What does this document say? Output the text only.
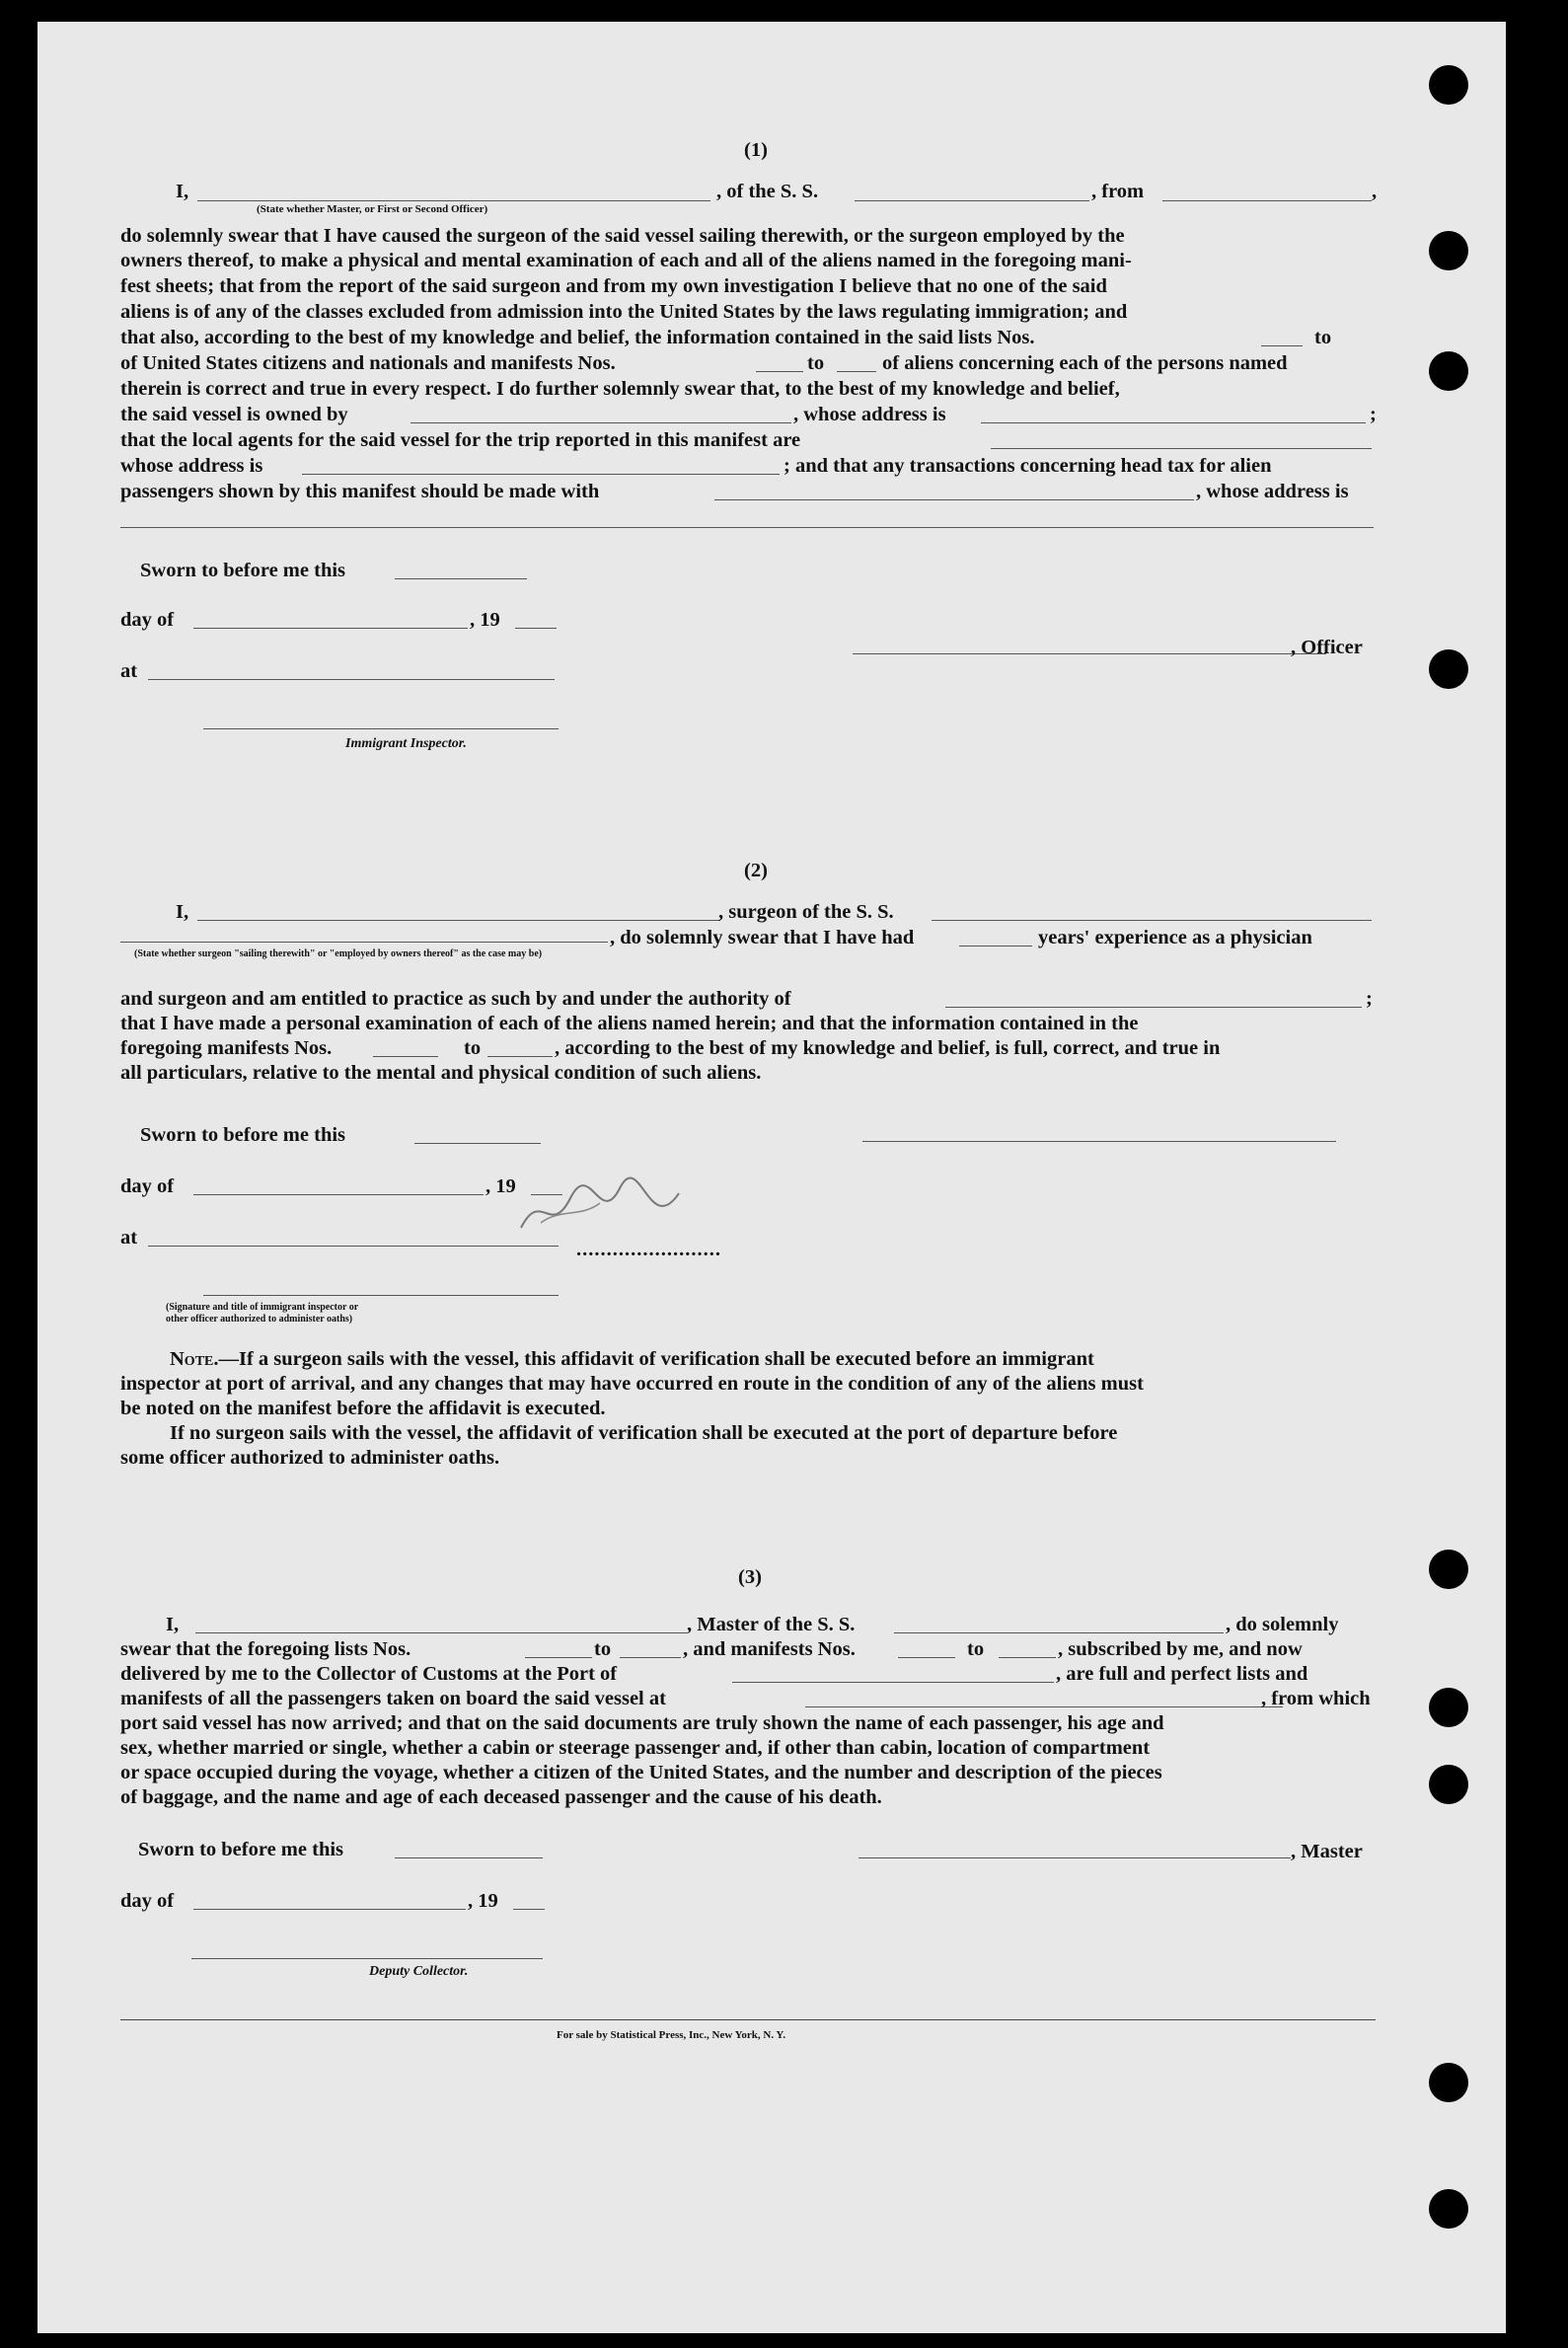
(1)
I,	, of the S. S.	, from	,
(State whether Master, or First or Second Officer)
do solemnly swear that I have caused the surgeon of the said vessel sailing therewith, or the surgeon employed by the
owners thereof, to make a physical and mental examination of each and all of the aliens named in the foregoing mani-
fest sheets; that from the report of the said surgeon and from my own investigation I believe that no one of the said
aliens is of any of the classes excluded from admission into the United States by the laws regulating immigration; and
that also, according to the best of my knowledge and belief, the information contained in the said lists Nos.	to
of United States citizens and nationals and manifests Nos.	to	of aliens concerning each of the persons named
therein is correct and true in every respect. I do further solemnly swear that, to the best of my knowledge and belief,
the said vessel is owned by	, whose address is	;
that the local agents for the said vessel for the trip reported in this manifest are
whose address is	; and that any transactions concerning head tax for alien
passengers shown by this manifest should be made with	, whose address is
Sworn to before me this
day of	, 19
, Officer
at
Immigrant Inspector.
(2)
I,	, surgeon of the S. S.
(State whether surgeon "sailing therewith" or "employed by owners thereof" as the case may be)
, do solemnly swear that I have had	years' experience as a physician
and surgeon and am entitled to practice as such by and under the authority of	;
that I have made a personal examination of each of the aliens named herein; and that the information contained in the
foregoing manifests Nos.	to	, according to the best of my knowledge and belief, is full, correct, and true in
all particulars, relative to the mental and physical condition of such aliens.
Sworn to before me this
day of	, 19
at
........................
(Signature and title of immigrant inspector or
other officer authorized to administer oaths)
Note.—If a surgeon sails with the vessel, this affidavit of verification shall be executed before an immigrant
inspector at port of arrival, and any changes that may have occurred en route in the condition of any of the aliens must
be noted on the manifest before the affidavit is executed.
If no surgeon sails with the vessel, the affidavit of verification shall be executed at the port of departure before
some officer authorized to administer oaths.
(3)
I,	, Master of the S. S.	, do solemnly
swear that the foregoing lists Nos.	to	, and manifests Nos.	to	, subscribed by me, and now
delivered by me to the Collector of Customs at the Port of	, are full and perfect lists and
manifests of all the passengers taken on board the said vessel at	, from which
port said vessel has now arrived; and that on the said documents are truly shown the name of each passenger, his age and
sex, whether married or single, whether a cabin or steerage passenger and, if other than cabin, location of compartment
or space occupied during the voyage, whether a citizen of the United States, and the number and description of the pieces
of baggage, and the name and age of each deceased passenger and the cause of his death.
Sworn to before me this	, Master
day of	, 19
Deputy Collector.
For sale by Statistical Press, Inc., New York, N. Y.
